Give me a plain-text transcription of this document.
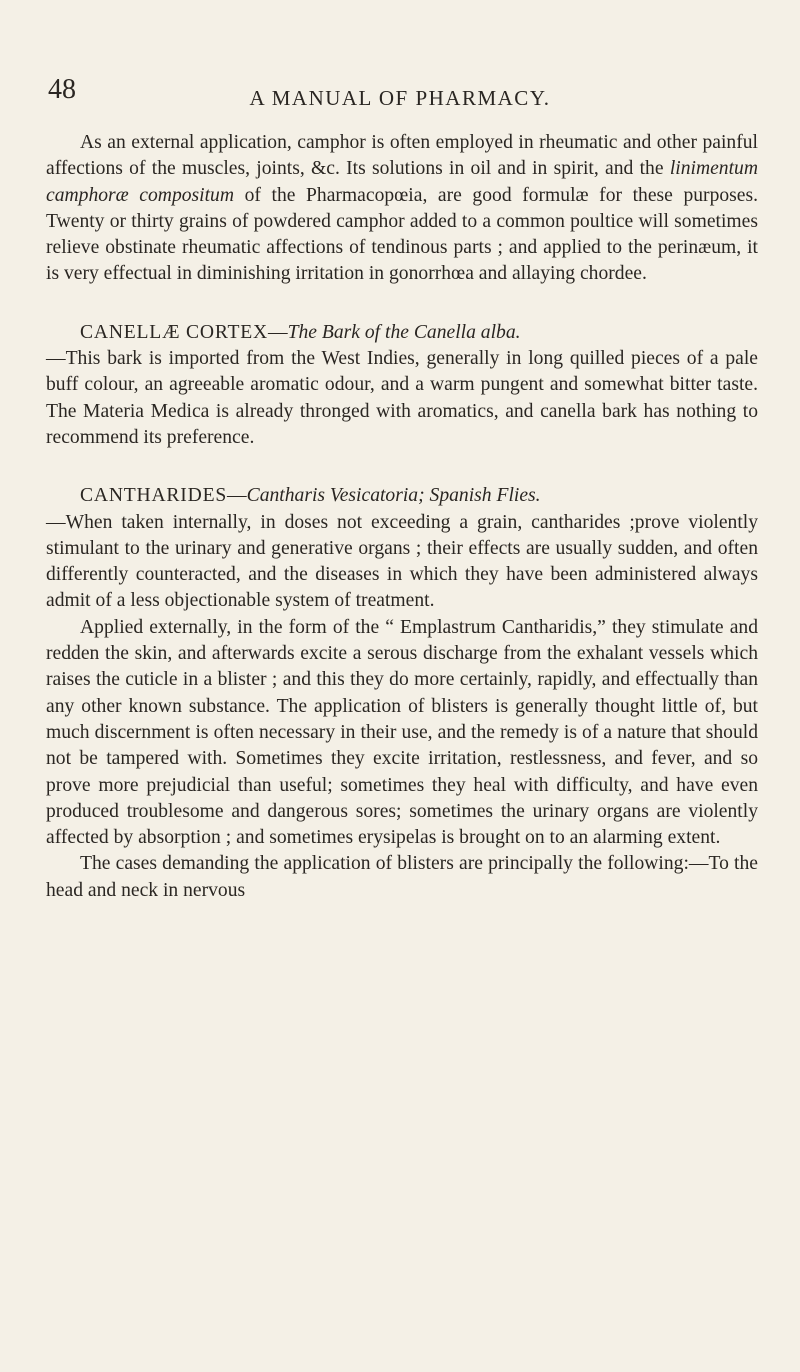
48	A MANUAL OF PHARMACY.

As an external application, camphor is often employed in rheumatic and other painful affections of the muscles, joints, &c. Its solutions in oil and in spirit, and the linimentum camphoræ compositum of the Pharmacopœia, are good formulæ for these purposes. Twenty or thirty grains of powdered camphor added to a common poultice will sometimes relieve obstinate rheumatic affections of tendinous parts ; and applied to the perinæum, it is very effectual in diminishing irritation in gonorrhœa and allaying chordee.

CANELLÆ CORTEX—The Bark of the Canella alba.
—This bark is imported from the West Indies, generally in long quilled pieces of a pale buff colour, an agreeable aromatic odour, and a warm pungent and somewhat bitter taste. The Materia Medica is already thronged with aromatics, and canella bark has nothing to recommend its preference.

CANTHARIDES—Cantharis Vesicatoria; Spanish Flies.
—When taken internally, in doses not exceeding a grain, cantharides ;prove violently stimulant to the urinary and generative organs ; their effects are usually sudden, and often differently counteracted, and the diseases in which they have been administered always admit of a less objectionable system of treatment.

Applied externally, in the form of the “ Emplastrum Cantharidis,” they stimulate and redden the skin, and afterwards excite a serous discharge from the exhalant vessels which raises the cuticle in a blister ; and this they do more certainly, rapidly, and effectually than any other known substance. The application of blisters is generally thought little of, but much discernment is often necessary in their use, and the remedy is of a nature that should not be tampered with. Sometimes they excite irritation, restlessness, and fever, and so prove more prejudicial than useful; sometimes they heal with difficulty, and have even produced troublesome and dangerous sores; sometimes the urinary organs are violently affected by absorption ; and sometimes erysipelas is brought on to an alarming extent.

The cases demanding the application of blisters are principally the following:—To the head and neck in nervous
